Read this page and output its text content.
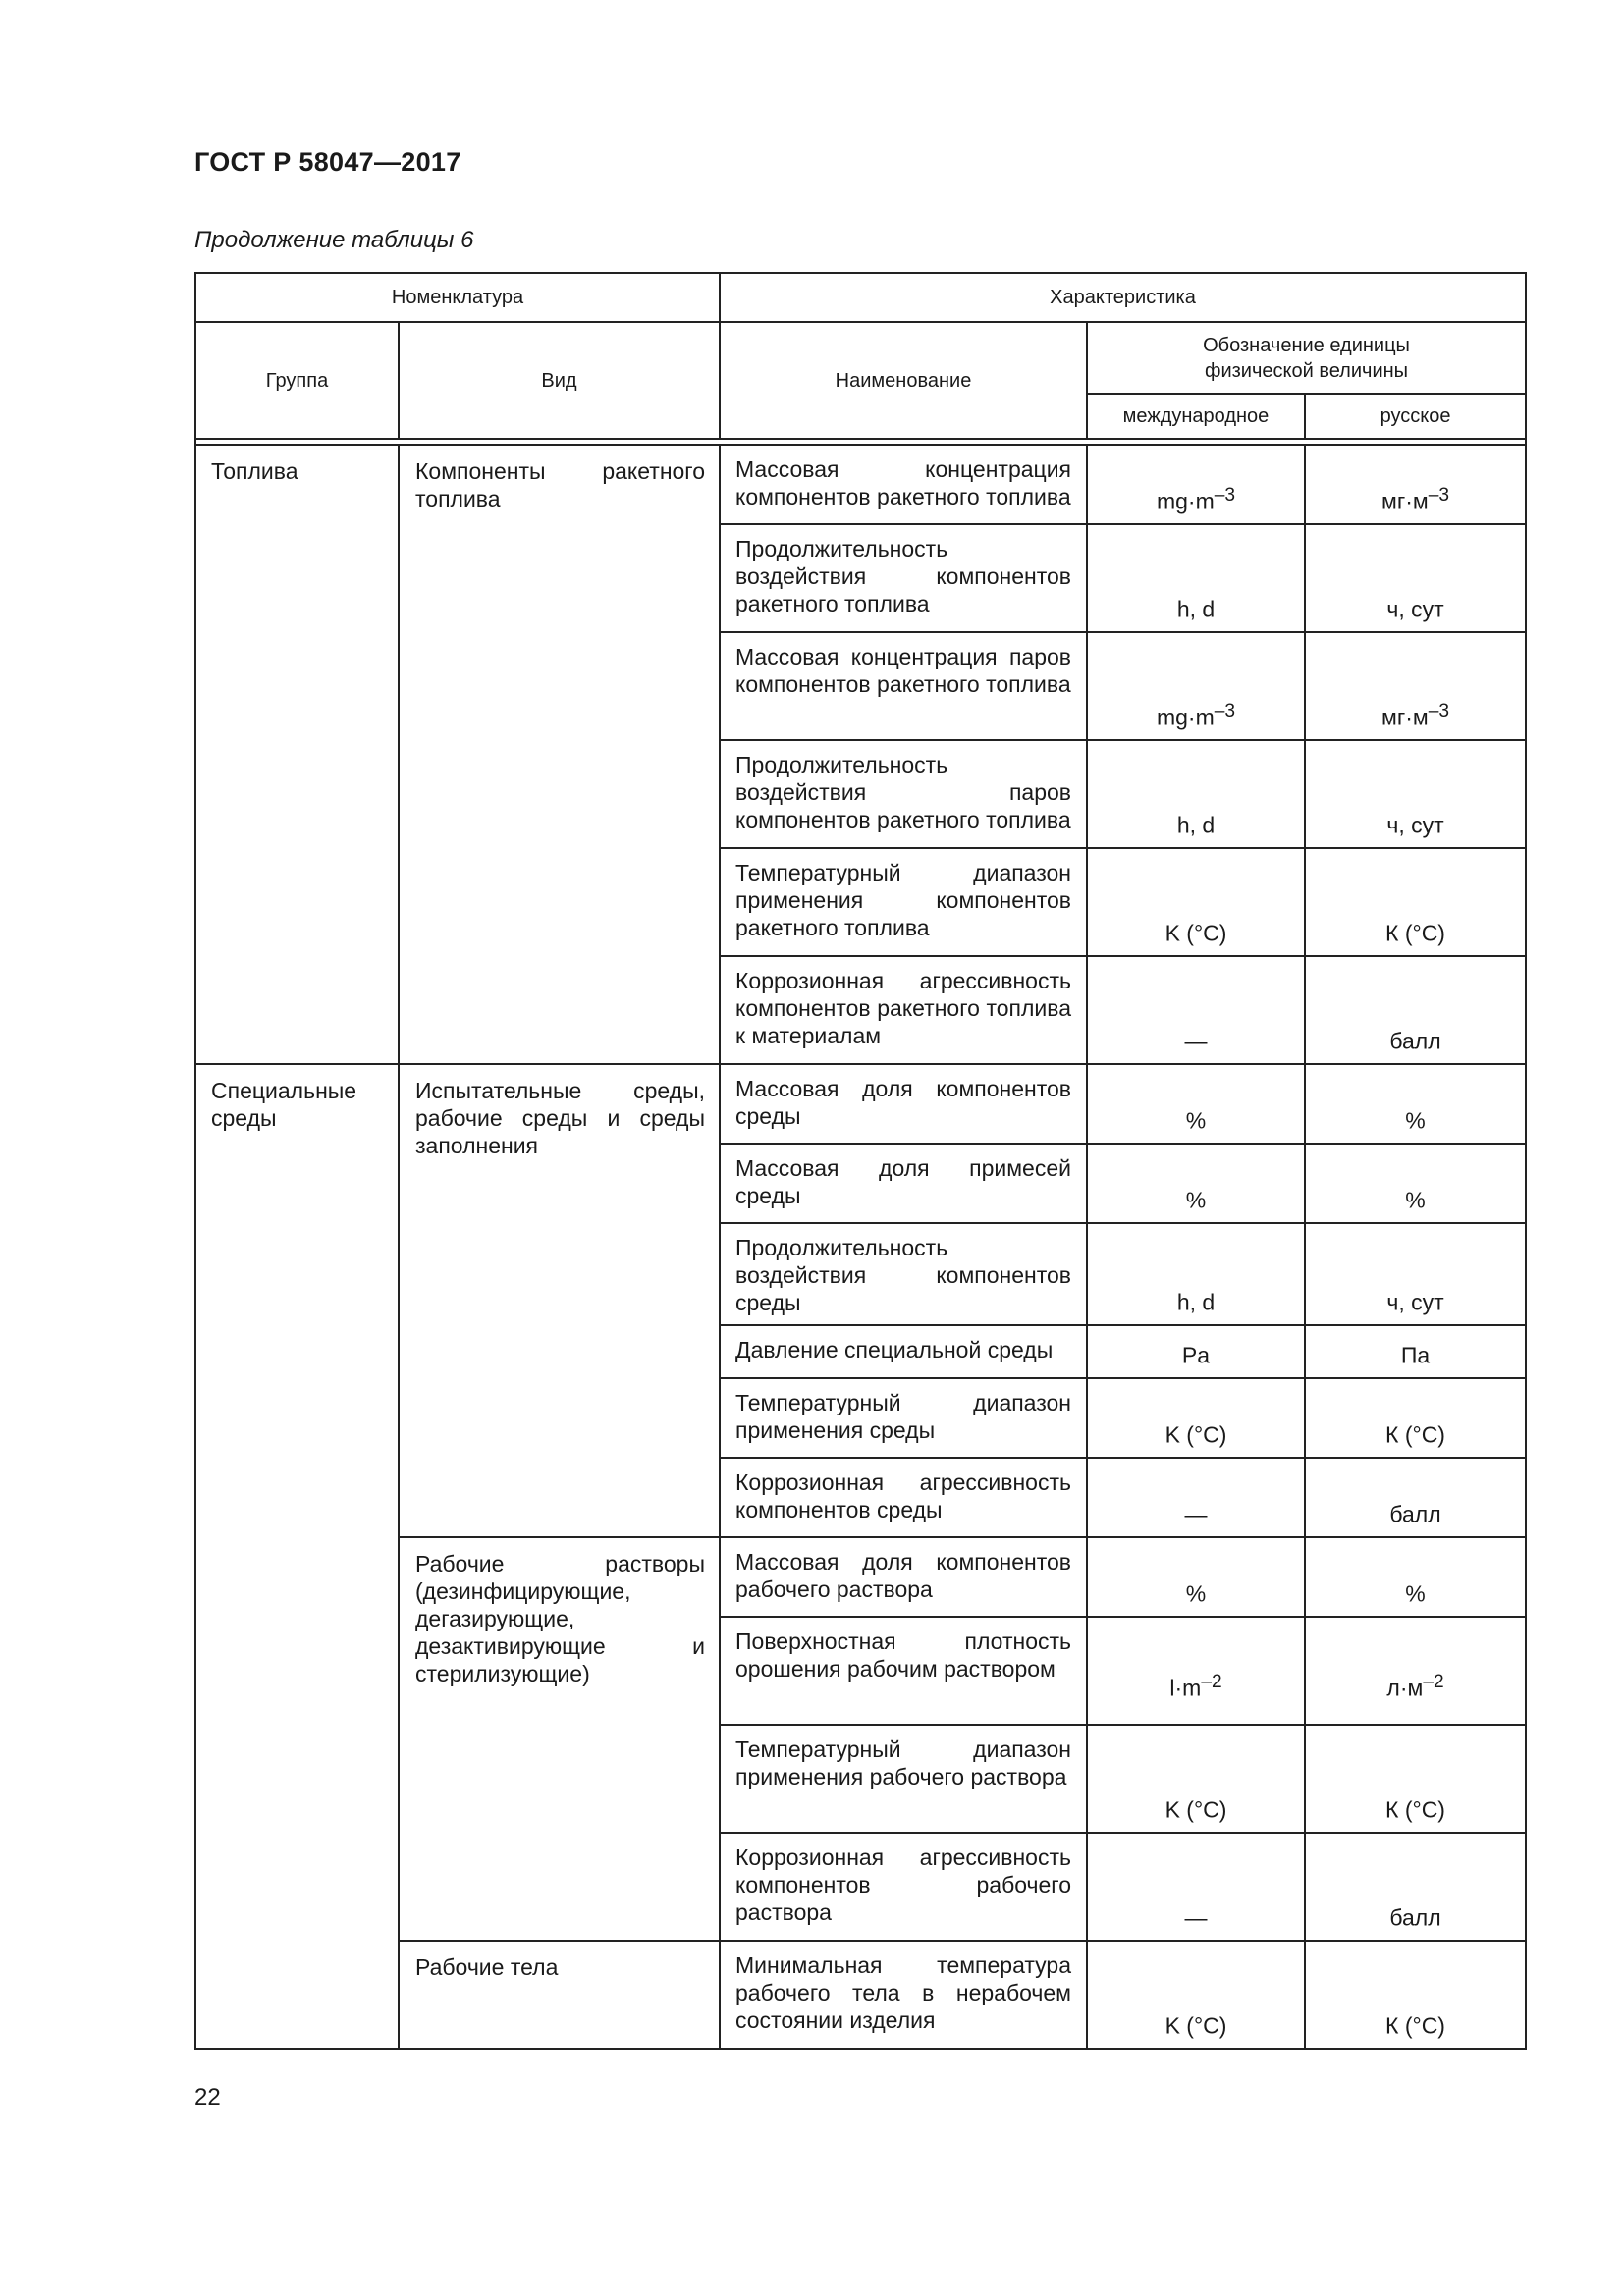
ГОСТ Р 58047—2017
Продолжение таблицы 6
Номенклатура		Характеристика		
Группа	Вид	Наименование	Обозначение единицы физической величины	
			международное	русское

Топлива	Компоненты ракетного топлива	Массовая концентрация компонентов ракетного топлива	$mg\cdot m^{-3}$	$мг\cdot м^{-3}$

		Продолжительность воздействия компонентов ракетного топлива	h, d	ч, сут

		Массовая концентрация паров компонентов ракетного топлива	$mg\cdot m^{-3}$	$мг\cdot м^{-3}$

		Продолжительность воздействия паров компонентов ракетного топлива	h, d	ч, сут

		Температурный диапазон применения компонентов ракетного топлива	K (°C)	К (°С)

		Коррозионная агрессивность компонентов ракетного топлива к материалам	—	балл
Специальные среды	Испытательные среды, рабочие среды и среды заполнения	Массовая доля компонентов среды	%	%

		Массовая доля примесей среды	%	%

		Продолжительность воздействия компонентов среды	h, d	ч, сут

		Давление специальной среды	Pa	Па

		Температурный диапазон применения среды	K (°C)	К (°С)

		Коррозионная агрессивность компонентов среды	—	балл
	Рабочие растворы (дезинфицирующие, дегазирующие, дезактивирующие и стерилизующие)	Массовая доля компонентов рабочего раствора	%	%

		Поверхностная плотность орошения рабочим раствором	$l\cdot m^{-2}$	$л\cdot м^{-2}$

		Температурный диапазон применения рабочего раствора	K (°C)	К (°С)

		Коррозионная агрессивность компонентов рабочего раствора	—	балл
	Рабочие тела	Минимальная температура рабочего тела в нерабочем состоянии изделия	K (°C)	К (°С)
22
